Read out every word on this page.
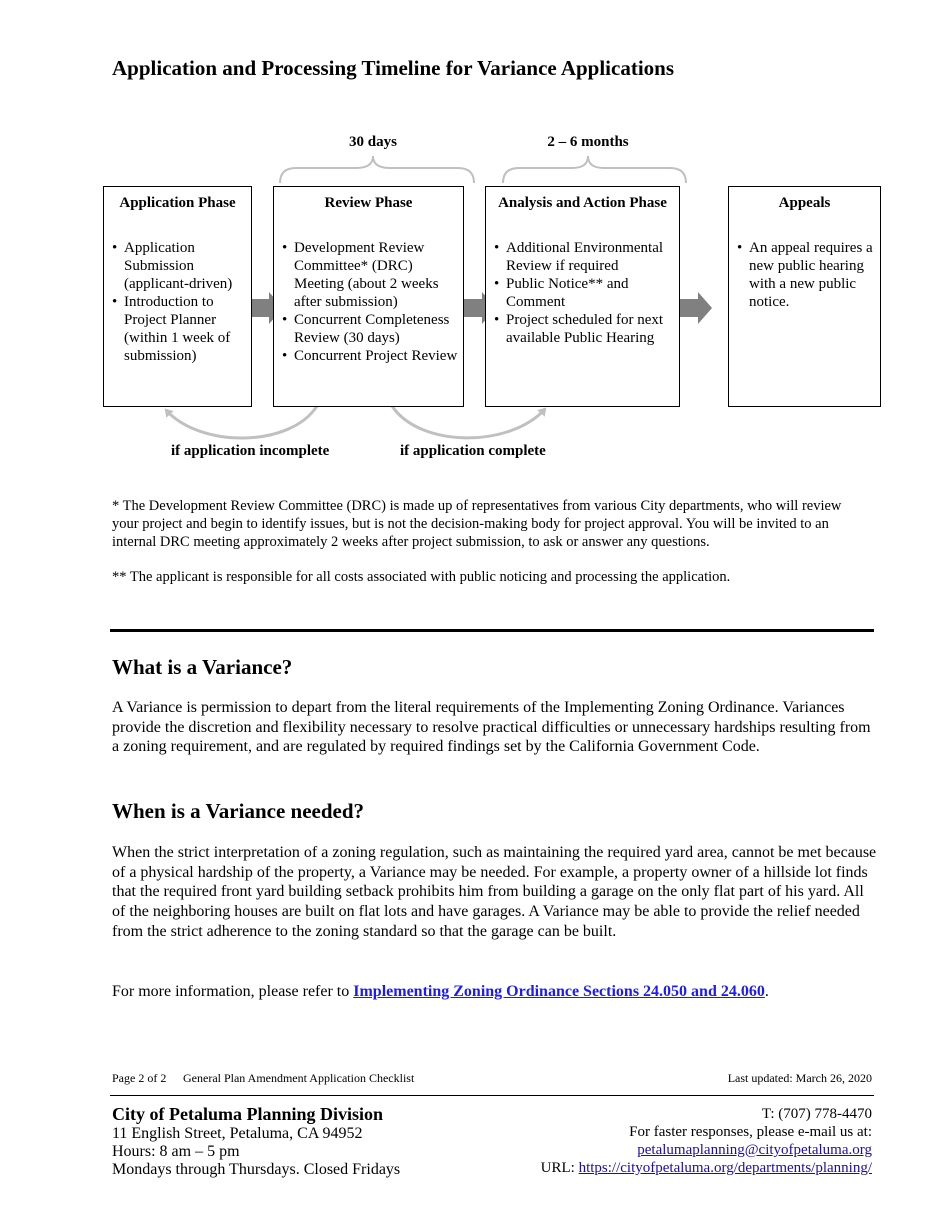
Application and Processing Timeline for Variance Applications
30 days	2 – 6 months
Application Phase
• Application Submission (applicant-driven)
• Introduction to Project Planner (within 1 week of submission)
Review Phase
• Development Review Committee* (DRC) Meeting (about 2 weeks after submission)
• Concurrent Completeness Review (30 days)
• Concurrent Project Review
Analysis and Action Phase
• Additional Environmental Review if required
• Public Notice** and Comment
• Project scheduled for next available Public Hearing
Appeals
• An appeal requires a new public hearing with a new public notice.
if application incomplete	if application complete

* The Development Review Committee (DRC) is made up of representatives from various City departments, who will review your project and begin to identify issues, but is not the decision-making body for project approval. You will be invited to an internal DRC meeting approximately 2 weeks after project submission, to ask or answer any questions.

** The applicant is responsible for all costs associated with public noticing and processing the application.

What is a Variance?

A Variance is permission to depart from the literal requirements of the Implementing Zoning Ordinance. Variances provide the discretion and flexibility necessary to resolve practical difficulties or unnecessary hardships resulting from a zoning requirement, and are regulated by required findings set by the California Government Code.

When is a Variance needed?

When the strict interpretation of a zoning regulation, such as maintaining the required yard area, cannot be met because of a physical hardship of the property, a Variance may be needed. For example, a property owner of a hillside lot finds that the required front yard building setback prohibits him from building a garage on the only flat part of his yard. All of the neighboring houses are built on flat lots and have garages. A Variance may be able to provide the relief needed from the strict adherence to the zoning standard so that the garage can be built.

For more information, please refer to Implementing Zoning Ordinance Sections 24.050 and 24.060.

Page 2 of 2 General Plan Amendment Application Checklist	Last updated: March 26, 2020
City of Petaluma Planning Division
11 English Street, Petaluma, CA 94952
Hours: 8 am – 5 pm
Mondays through Thursdays. Closed Fridays
T: (707) 778-4470
For faster responses, please e-mail us at:
petalumaplanning@cityofpetaluma.org
URL: https://cityofpetaluma.org/departments/planning/
